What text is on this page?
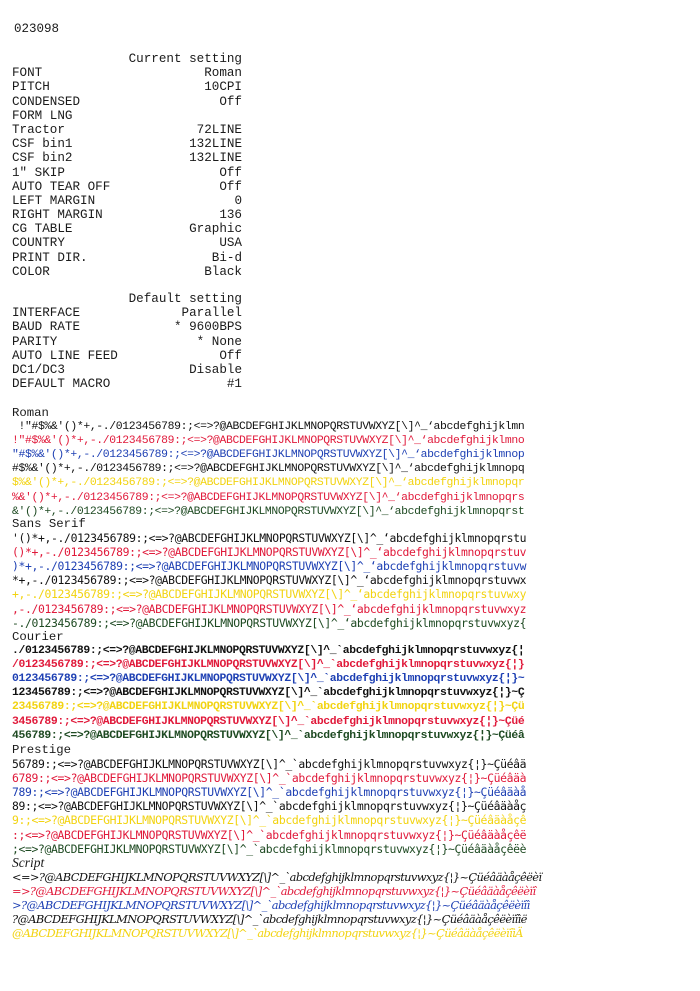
023098
Current setting
FONT	Roman
PITCH	10CPI
CONDENSED	Off
FORM LNG
Tractor	72LINE
CSF bin1	132LINE
CSF bin2	132LINE
1" SKIP	Off
AUTO TEAR OFF	Off
LEFT MARGIN	0
RIGHT MARGIN	136
CG TABLE	Graphic
COUNTRY	USA
PRINT DIR.	Bi-d
COLOR	Black
Default setting
INTERFACE	Parallel
BAUD RATE	* 9600BPS
PARITY	* None
AUTO LINE FEED	Off
DC1/DC3	Disable
DEFAULT MACRO	#1
Roman
!"#$%&'()*+,-./0123456789:;<=>?@ABCDEFGHIJKLMNOPQRSTUVWXYZ[\]^_‘abcdefghijklmn
!"#$%&'()*+,-./0123456789:;<=>?@ABCDEFGHIJKLMNOPQRSTUVWXYZ[\]^_‘abcdefghijklmno
"#$%&'()*+,-./0123456789:;<=>?@ABCDEFGHIJKLMNOPQRSTUVWXYZ[\]^_‘abcdefghijklmnop
#$%&'()*+,-./0123456789:;<=>?@ABCDEFGHIJKLMNOPQRSTUVWXYZ[\]^_‘abcdefghijklmnopq
$%&'()*+,-./0123456789:;<=>?@ABCDEFGHIJKLMNOPQRSTUVWXYZ[\]^_‘abcdefghijklmnopqr
%&'()*+,-./0123456789:;<=>?@ABCDEFGHIJKLMNOPQRSTUVWXYZ[\]^_‘abcdefghijklmnopqrs
&'()*+,-./0123456789:;<=>?@ABCDEFGHIJKLMNOPQRSTUVWXYZ[\]^_‘abcdefghijklmnopqrst
Sans Serif
'()*+,-./0123456789:;<=>?@ABCDEFGHIJKLMNOPQRSTUVWXYZ[\]^_‘abcdefghijklmnopqrstu
()*+,-./0123456789:;<=>?@ABCDEFGHIJKLMNOPQRSTUVWXYZ[\]^_‘abcdefghijklmnopqrstuv
)*+,-./0123456789:;<=>?@ABCDEFGHIJKLMNOPQRSTUVWXYZ[\]^_‘abcdefghijklmnopqrstuvw
*+,-./0123456789:;<=>?@ABCDEFGHIJKLMNOPQRSTUVWXYZ[\]^_‘abcdefghijklmnopqrstuvwx
+,-./0123456789:;<=>?@ABCDEFGHIJKLMNOPQRSTUVWXYZ[\]^_‘abcdefghijklmnopqrstuvwxy
,-./0123456789:;<=>?@ABCDEFGHIJKLMNOPQRSTUVWXYZ[\]^_‘abcdefghijklmnopqrstuvwxyz
-./0123456789:;<=>?@ABCDEFGHIJKLMNOPQRSTUVWXYZ[\]^_‘abcdefghijklmnopqrstuvwxyz{
Courier
./0123456789:;<=>?@ABCDEFGHIJKLMNOPQRSTUVWXYZ[\]^_`abcdefghijklmnopqrstuvwxyz{¦
/0123456789:;<=>?@ABCDEFGHIJKLMNOPQRSTUVWXYZ[\]^_`abcdefghijklmnopqrstuvwxyz{¦}
0123456789:;<=>?@ABCDEFGHIJKLMNOPQRSTUVWXYZ[\]^_`abcdefghijklmnopqrstuvwxyz{¦}~
123456789:;<=>?@ABCDEFGHIJKLMNOPQRSTUVWXYZ[\]^_`abcdefghijklmnopqrstuvwxyz{¦}~Ç
23456789:;<=>?@ABCDEFGHIJKLMNOPQRSTUVWXYZ[\]^_`abcdefghijklmnopqrstuvwxyz{¦}~Çü
3456789:;<=>?@ABCDEFGHIJKLMNOPQRSTUVWXYZ[\]^_`abcdefghijklmnopqrstuvwxyz{¦}~Çüé
456789:;<=>?@ABCDEFGHIJKLMNOPQRSTUVWXYZ[\]^_`abcdefghijklmnopqrstuvwxyz{¦}~Çüéâ
Prestige
56789:;<=>?@ABCDEFGHIJKLMNOPQRSTUVWXYZ[\]^_`abcdefghijklmnopqrstuvwxyz{¦}~Çüéâä
6789:;<=>?@ABCDEFGHIJKLMNOPQRSTUVWXYZ[\]^_`abcdefghijklmnopqrstuvwxyz{¦}~Çüéâäà
789:;<=>?@ABCDEFGHIJKLMNOPQRSTUVWXYZ[\]^_`abcdefghijklmnopqrstuvwxyz{¦}~Çüéâäàå
89:;<=>?@ABCDEFGHIJKLMNOPQRSTUVWXYZ[\]^_`abcdefghijklmnopqrstuvwxyz{¦}~Çüéâäàåç
9:;<=>?@ABCDEFGHIJKLMNOPQRSTUVWXYZ[\]^_`abcdefghijklmnopqrstuvwxyz{¦}~Çüéâäàåçê
:;<=>?@ABCDEFGHIJKLMNOPQRSTUVWXYZ[\]^_`abcdefghijklmnopqrstuvwxyz{¦}~Çüéâäàåçêë
;<=>?@ABCDEFGHIJKLMNOPQRSTUVWXYZ[\]^_`abcdefghijklmnopqrstuvwxyz{¦}~Çüéâäàåçêëè
Script
<=>?@ABCDEFGHIJKLMNOPQRSTUVWXYZ[\]^_`abcdefghijklmnopqrstuvwxyz{¦}~Çüéâäàåçêëèï
=>?@ABCDEFGHIJKLMNOPQRSTUVWXYZ[\]^_`abcdefghijklmnopqrstuvwxyz{¦}~Çüéâäàåçêëèïî
>?@ABCDEFGHIJKLMNOPQRSTUVWXYZ[\]^_`abcdefghijklmnopqrstuvwxyz{¦}~Çüéâäàåçêëèïîì
?@ABCDEFGHIJKLMNOPQRSTUVWXYZ[\]^_`abcdefghijklmnopqrstuvwxyz{¦}~Çüéâäàåçêëèïîìë
@ABCDEFGHIJKLMNOPQRSTUVWXYZ[\]^_`abcdefghijklmnopqrstuvwxyz{¦}~ÇüéâäàåçêëèïîìÄ
